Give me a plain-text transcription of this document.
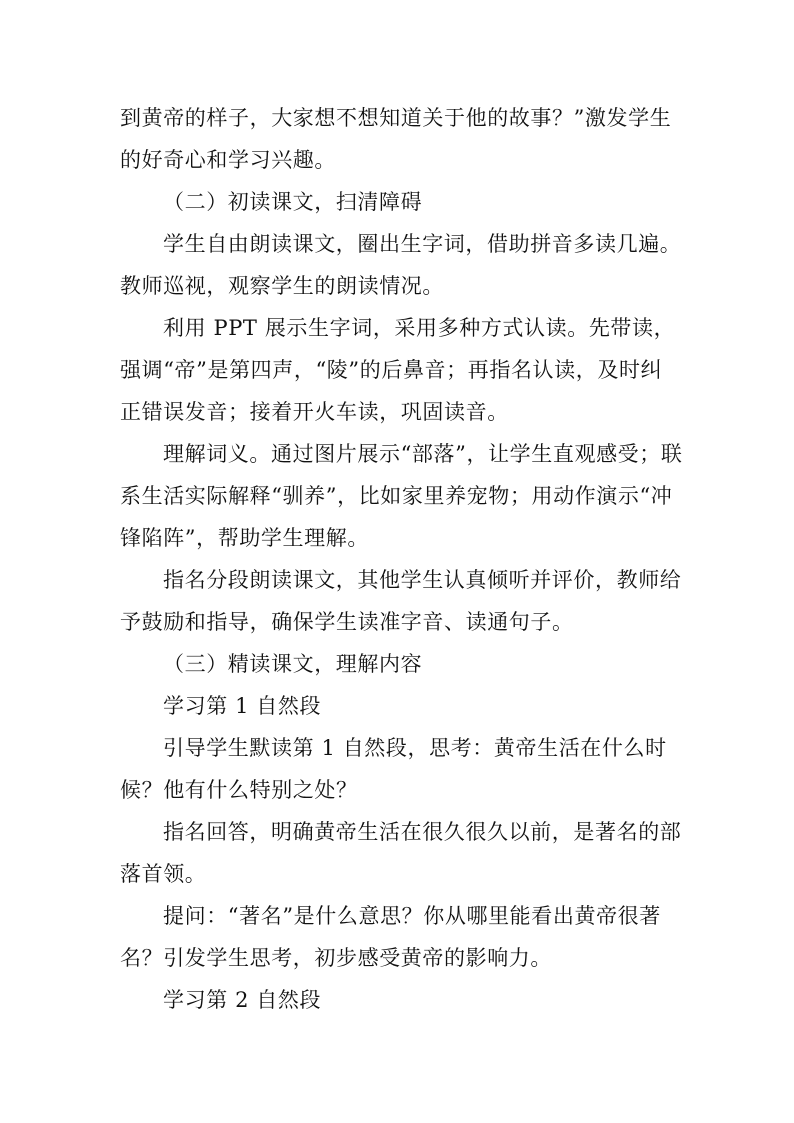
到黄帝的样子，大家想不想知道关于他的故事？”激发学生
的好奇心和学习兴趣。
（二）初读课文，扫清障碍
学生自由朗读课文，圈出生字词，借助拼音多读几遍。
教师巡视，观察学生的朗读情况。
利用 PPT 展示生字词，采用多种方式认读。先带读，
强调“帝”是第四声，“陵”的后鼻音；再指名认读，及时纠
正错误发音；接着开火车读，巩固读音。
理解词义。通过图片展示“部落”，让学生直观感受；联
系生活实际解释“驯养”，比如家里养宠物；用动作演示“冲
锋陷阵”，帮助学生理解。
指名分段朗读课文，其他学生认真倾听并评价，教师给
予鼓励和指导，确保学生读准字音、读通句子。
（三）精读课文，理解内容
学习第 1 自然段
引导学生默读第 1 自然段，思考：黄帝生活在什么时
候？他有什么特别之处？
指名回答，明确黄帝生活在很久很久以前，是著名的部
落首领。
提问：“著名”是什么意思？你从哪里能看出黄帝很著
名？引发学生思考，初步感受黄帝的影响力。
学习第 2 自然段
